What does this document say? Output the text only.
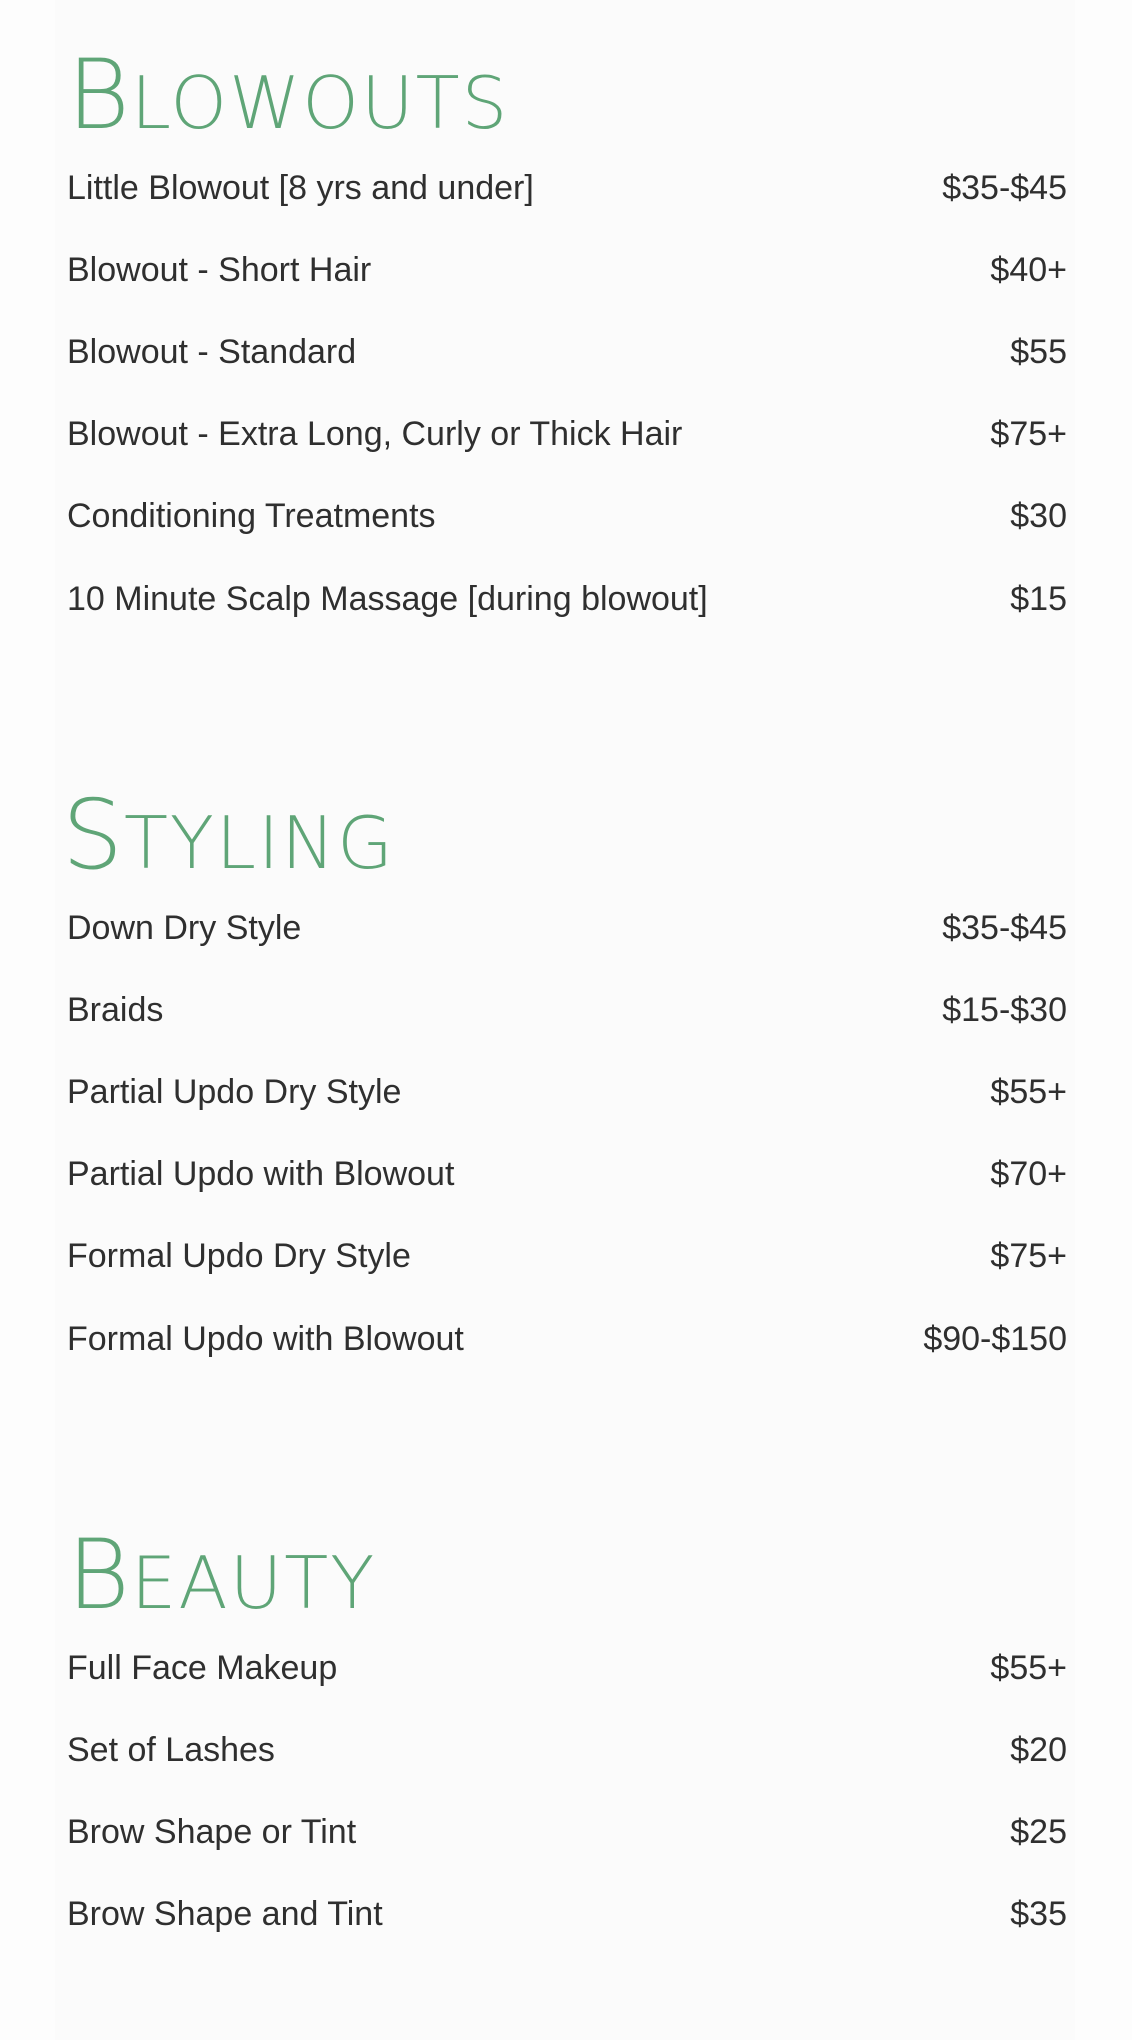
BLOWOUTS
Little Blowout [8 yrs and under]	$35-$45
Blowout - Short Hair	$40+
Blowout - Standard	$55
Blowout - Extra Long, Curly or Thick Hair	$75+
Conditioning Treatments	$30
10 Minute Scalp Massage [during blowout]	$15
STYLING
Down Dry Style	$35-$45
Braids	$15-$30
Partial Updo Dry Style	$55+
Partial Updo with Blowout	$70+
Formal Updo Dry Style	$75+
Formal Updo with Blowout	$90-$150
BEAUTY
Full Face Makeup	$55+
Set of Lashes	$20
Brow Shape or Tint	$25
Brow Shape and Tint	$35
